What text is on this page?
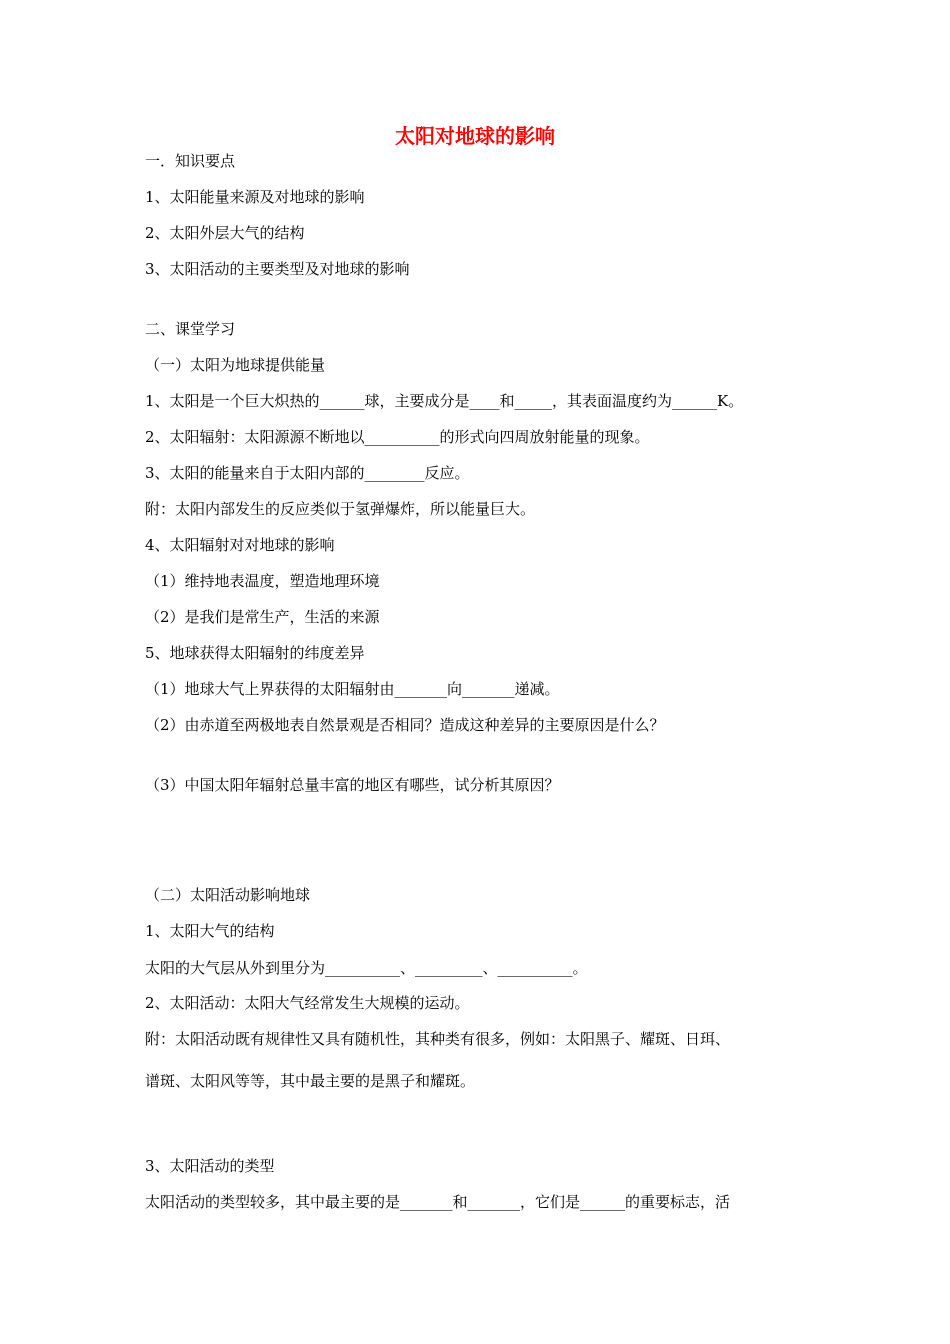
太阳对地球的影响
一．知识要点
1、太阳能量来源及对地球的影响
2、太阳外层大气的结构
3、太阳活动的主要类型及对地球的影响
二、课堂学习
（一）太阳为地球提供能量
1、太阳是一个巨大炽热的______球，主要成分是____和_____，其表面温度约为______K。
2、太阳辐射：太阳源源不断地以__________的形式向四周放射能量的现象。
3、太阳的能量来自于太阳内部的________反应。
附：太阳内部发生的反应类似于氢弹爆炸，所以能量巨大。
4、太阳辐射对对地球的影响
（1）维持地表温度，塑造地理环境
（2）是我们是常生产，生活的来源
5、地球获得太阳辐射的纬度差异
（1）地球大气上界获得的太阳辐射由_______向_______递减。
（2）由赤道至两极地表自然景观是否相同？造成这种差异的主要原因是什么？
（3）中国太阳年辐射总量丰富的地区有哪些，试分析其原因？
（二）太阳活动影响地球
1、太阳大气的结构
太阳的大气层从外到里分为__________、_________、__________。
2、太阳活动：太阳大气经常发生大规模的运动。
附：太阳活动既有规律性又具有随机性，其种类有很多，例如：太阳黑子、耀斑、日珥、
谱斑、太阳风等等，其中最主要的是黑子和耀斑。
3、太阳活动的类型
太阳活动的类型较多，其中最主要的是_______和_______，它们是______的重要标志，活
